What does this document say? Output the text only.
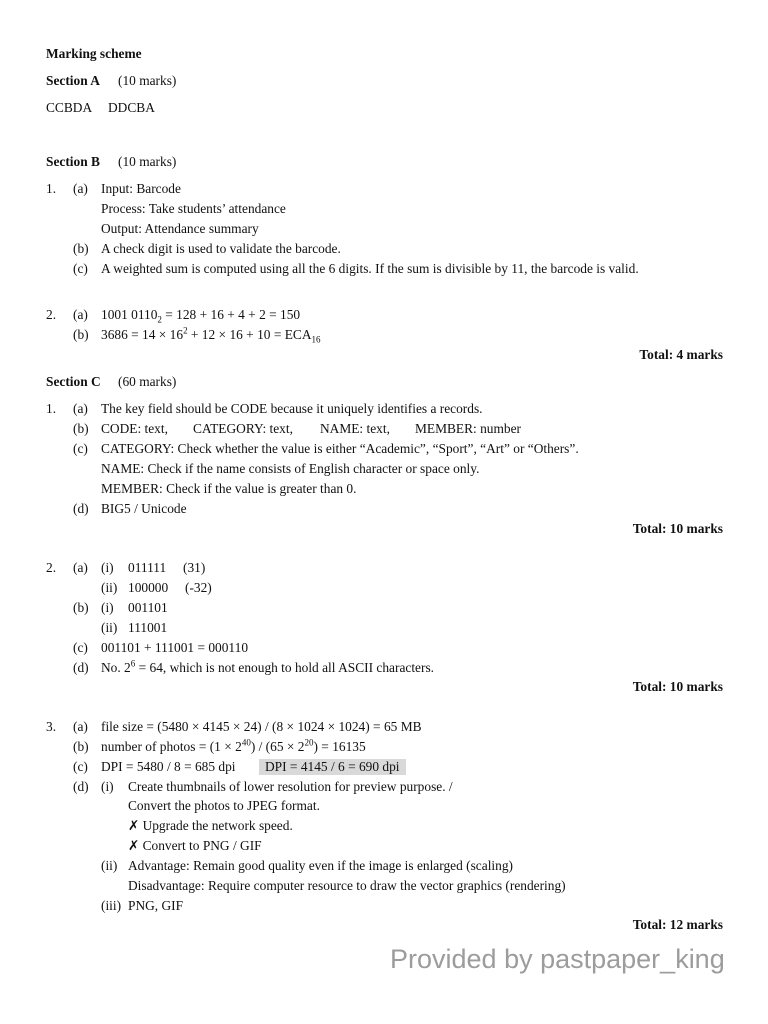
Marking scheme
Section A (10 marks)
CCBDA DDCBA
Section B (10 marks)
1. (a) Input: Barcode
Process: Take students’ attendance
Output: Attendance summary
(b) A check digit is used to validate the barcode.
(c) A weighted sum is computed using all the 6 digits. If the sum is divisible by 11, the barcode is valid.
2. (a) 1001 $0110_2 = 128 + 16 + 4 + 2 = 150$
(b) $3686 = 14 \times 16^2 + 12 \times 16 + 10 = ECA_{16}$
Total: 4 marks
Section C (60 marks)
1. (a) The key field should be CODE because it uniquely identifies a records.
(b) CODE: text, CATEGORY: text, NAME: text, MEMBER: number
(c) CATEGORY: Check whether the value is either “Academic”, “Sport”, “Art” or “Others”.
NAME: Check if the name consists of English character or space only.
MEMBER: Check if the value is greater than 0.
(d) BIG5 / Unicode
Total: 10 marks
2. (a) (i) 011111 (31)
(ii) 100000 (-32)
(b) (i) 001101
(ii) 111001
(c) 001101 + 111001 = 000110
(d) No. $2^6 = 64$, which is not enough to hold all ASCII characters.
Total: 10 marks
3. (a) file size = (5480 × 4145 × 24) / (8 × 1024 × 1024) = 65 MB
(b) number of photos = $(1 \times 2^{40}) / (65 \times 2^{20}) = 16135$
(c) DPI = 5480 / 8 = 685 dpi	DPI = 4145 / 6 = 690 dpi
(d) (i) Create thumbnails of lower resolution for preview purpose. /
Convert the photos to JPEG format.
✗ Upgrade the network speed.
✗ Convert to PNG / GIF
(ii) Advantage: Remain good quality even if the image is enlarged (scaling)
Disadvantage: Require computer resource to draw the vector graphics (rendering)
(iii) PNG, GIF
Total: 12 marks
Provided by pastpaper_king
